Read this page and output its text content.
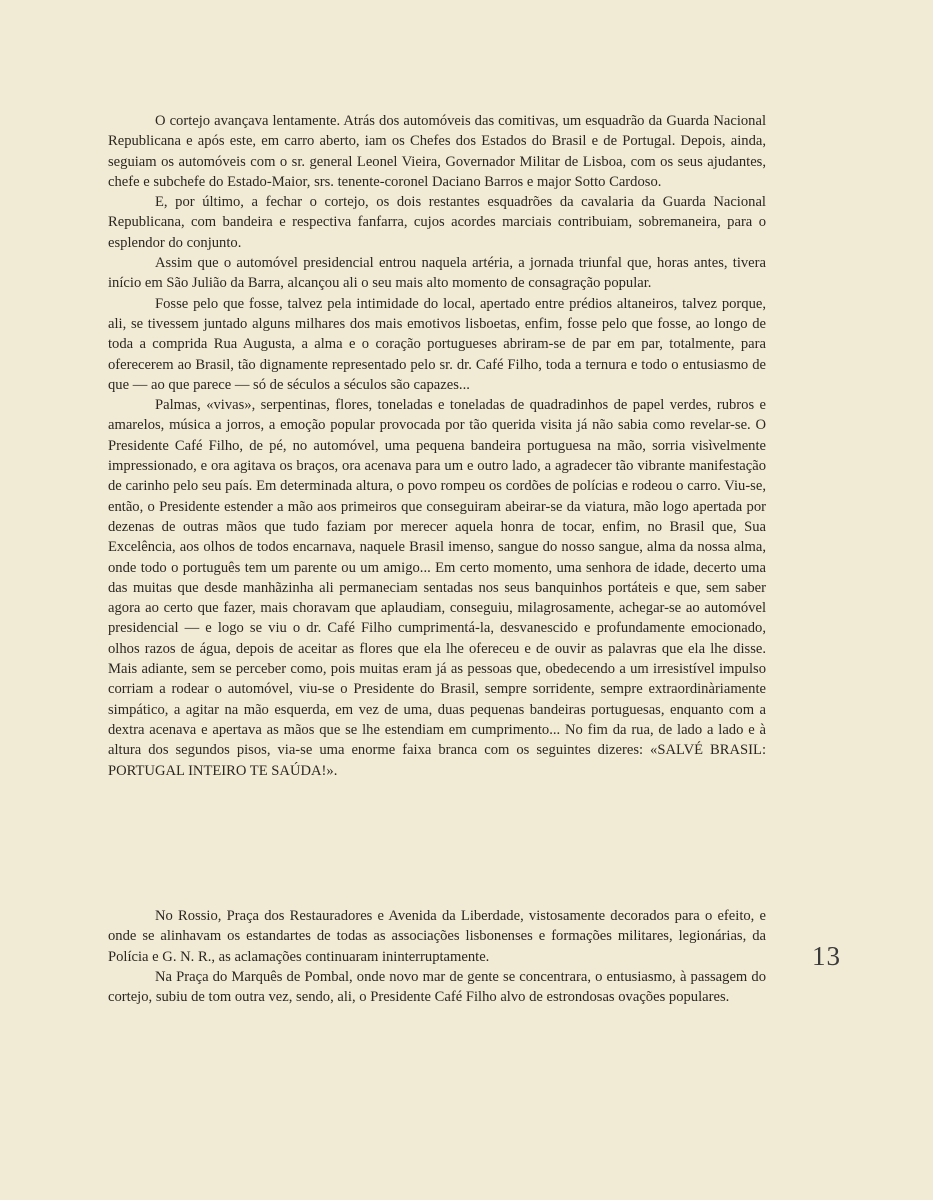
O cortejo avançava lentamente. Atrás dos automóveis das comitivas, um esquadrão da Guarda Nacional Republicana e após este, em carro aberto, iam os Chefes dos Estados do Brasil e de Portugal. Depois, ainda, seguiam os automóveis com o sr. general Leonel Vieira, Governador Militar de Lisboa, com os seus ajudantes, chefe e subchefe do Estado-Maior, srs. tenente-coronel Daciano Barros e major Sotto Cardoso.

E, por último, a fechar o cortejo, os dois restantes esquadrões da cavalaria da Guarda Nacional Republicana, com bandeira e respectiva fanfarra, cujos acordes marciais contribuiam, sobremaneira, para o esplendor do conjunto.

Assim que o automóvel presidencial entrou naquela artéria, a jornada triunfal que, horas antes, tivera início em São Julião da Barra, alcançou ali o seu mais alto momento de consagração popular.

Fosse pelo que fosse, talvez pela intimidade do local, apertado entre prédios altaneiros, talvez porque, ali, se tivessem juntado alguns milhares dos mais emotivos lisboetas, enfim, fosse pelo que fosse, ao longo de toda a comprida Rua Augusta, a alma e o coração portugueses abriram-se de par em par, totalmente, para oferecerem ao Brasil, tão dignamente representado pelo sr. dr. Café Filho, toda a ternura e todo o entusiasmo de que — ao que parece — só de séculos a séculos são capazes...

Palmas, «vivas», serpentinas, flores, toneladas e toneladas de quadradinhos de papel verdes, rubros e amarelos, música a jorros, a emoção popular provocada por tão querida visita já não sabia como revelar-se. O Presidente Café Filho, de pé, no automóvel, uma pequena bandeira portuguesa na mão, sorria visìvelmente impressionado, e ora agitava os braços, ora acenava para um e outro lado, a agradecer tão vibrante manifestação de carinho pelo seu país. Em determinada altura, o povo rompeu os cordões de polícias e rodeou o carro. Viu-se, então, o Presidente estender a mão aos primeiros que conseguiram abeirar-se da viatura, mão logo apertada por dezenas de outras mãos que tudo faziam por merecer aquela honra de tocar, enfim, no Brasil que, Sua Excelência, aos olhos de todos encarnava, naquele Brasil imenso, sangue do nosso sangue, alma da nossa alma, onde todo o português tem um parente ou um amigo... Em certo momento, uma senhora de idade, decerto uma das muitas que desde manhãzinha ali permaneciam sentadas nos seus banquinhos portáteis e que, sem saber agora ao certo que fazer, mais choravam que aplaudiam, conseguiu, milagrosamente, achegar-se ao automóvel presidencial — e logo se viu o dr. Café Filho cumprimentá-la, desvanescido e profundamente emocionado, olhos razos de água, depois de aceitar as flores que ela lhe ofereceu e de ouvir as palavras que ela lhe disse. Mais adiante, sem se perceber como, pois muitas eram já as pessoas que, obedecendo a um irresistível impulso corriam a rodear o automóvel, viu-se o Presidente do Brasil, sempre sorridente, sempre extraordinàriamente simpático, a agitar na mão esquerda, em vez de uma, duas pequenas bandeiras portuguesas, enquanto com a dextra acenava e apertava as mãos que se lhe estendiam em cumprimento... No fim da rua, de lado a lado e à altura dos segundos pisos, via-se uma enorme faixa branca com os seguintes dizeres: «SALVÉ BRASIL: PORTUGAL INTEIRO TE SAÚDA!».

No Rossio, Praça dos Restauradores e Avenida da Liberdade, vistosamente decorados para o efeito, e onde se alinhavam os estandartes de todas as associações lisbonenses e formações militares, legionárias, da Polícia e G. N. R., as aclamações continuaram ininterruptamente.

Na Praça do Marquês de Pombal, onde novo mar de gente se concentrara, o entusiasmo, à passagem do cortejo, subiu de tom outra vez, sendo, ali, o Presidente Café Filho alvo de estrondosas ovações populares.

13
